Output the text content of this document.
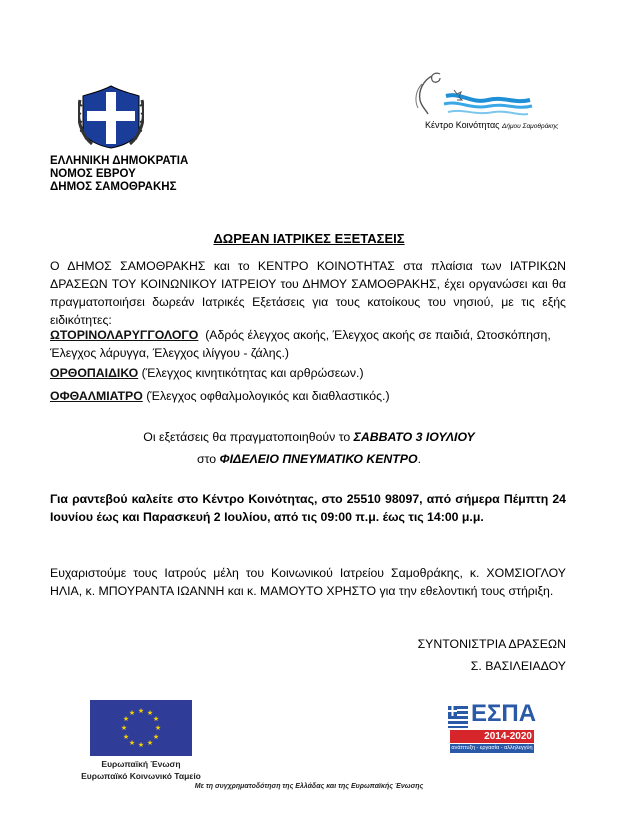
ΕΛΛΗΝΙΚΗ ΔΗΜΟΚΡΑΤΙΑ
ΝΟΜΟΣ ΕΒΡΟΥ
ΔΗΜΟΣ ΣΑΜΟΘΡΑΚΗΣ
Κέντρο Κοινότητας Δήμου Σαμοθράκης
ΔΩΡΕΑΝ ΙΑΤΡΙΚΕΣ ΕΞΕΤΑΣΕΙΣ
Ο ΔΗΜΟΣ ΣΑΜΟΘΡΑΚΗΣ και το ΚΕΝΤΡΟ ΚΟΙΝΟΤΗΤΑΣ στα πλαίσια των ΙΑΤΡΙΚΩΝ ΔΡΑΣΕΩΝ ΤΟΥ ΚΟΙΝΩΝΙΚΟΥ ΙΑΤΡΕΙΟΥ του ΔΗΜΟΥ ΣΑΜΟΘΡΑΚΗΣ, έχει οργανώσει και θα πραγματοποιήσει δωρεάν Ιατρικές Εξετάσεις για τους κατοίκους του νησιού, με τις εξής ειδικότητες:
ΩΤΟΡΙΝΟΛΑΡΥΓΓΟΛΟΓΟ (Αδρός έλεγχος ακοής, Έλεγχος ακοής σε παιδιά, Ωτοσκόπηση, Έλεγχος λάρυγγα, Έλεγχος ιλίγγου - ζάλης.)
ΟΡΘΟΠΑΙΔΙΚΟ (Έλεγχος κινητικότητας και αρθρώσεων.)
ΟΦΘΑΛΜΙΑΤΡΟ (Έλεγχος οφθαλμολογικός και διαθλαστικός.)
Οι εξετάσεις θα πραγματοποιηθούν το ΣΑΒΒΑΤΟ 3 ΙΟΥΛΙΟΥ
στο ΦΙΔΕΛΕΙΟ ΠΝΕΥΜΑΤΙΚΟ ΚΕΝΤΡΟ.
Για ραντεβού καλείτε στο Κέντρο Κοινότητας, στο 25510 98097, από σήμερα Πέμπτη 24 Ιουνίου έως και Παρασκευή 2 Ιουλίου, από τις 09:00 π.μ. έως τις 14:00 μ.μ.
Ευχαριστούμε τους Ιατρούς μέλη του Κοινωνικού Ιατρείου Σαμοθράκης, κ. ΧΟΜΣΙΟΓΛΟΥ ΗΛΙΑ, κ. ΜΠΟΥΡΑΝΤΑ ΙΩΑΝΝΗ και κ. ΜΑΜΟΥΤΟ ΧΡΗΣΤΟ για την εθελοντική τους στήριξη.
ΣΥΝΤΟΝΙΣΤΡΙΑ ΔΡΑΣΕΩΝ
Σ. ΒΑΣΙΛΕΙΑΔΟΥ
★ ★
★
★
★
★
★
★
★
★
★
★
Ευρωπαϊκή Ένωση
Ευρωπαϊκό Κοινωνικό Ταμείο
ΕΣΠΑ
2014-2020
ανάπτυξη - εργασία - αλληλεγγύη
Με τη συγχρηματοδότηση της Ελλάδας και της Ευρωπαϊκής Ένωσης
